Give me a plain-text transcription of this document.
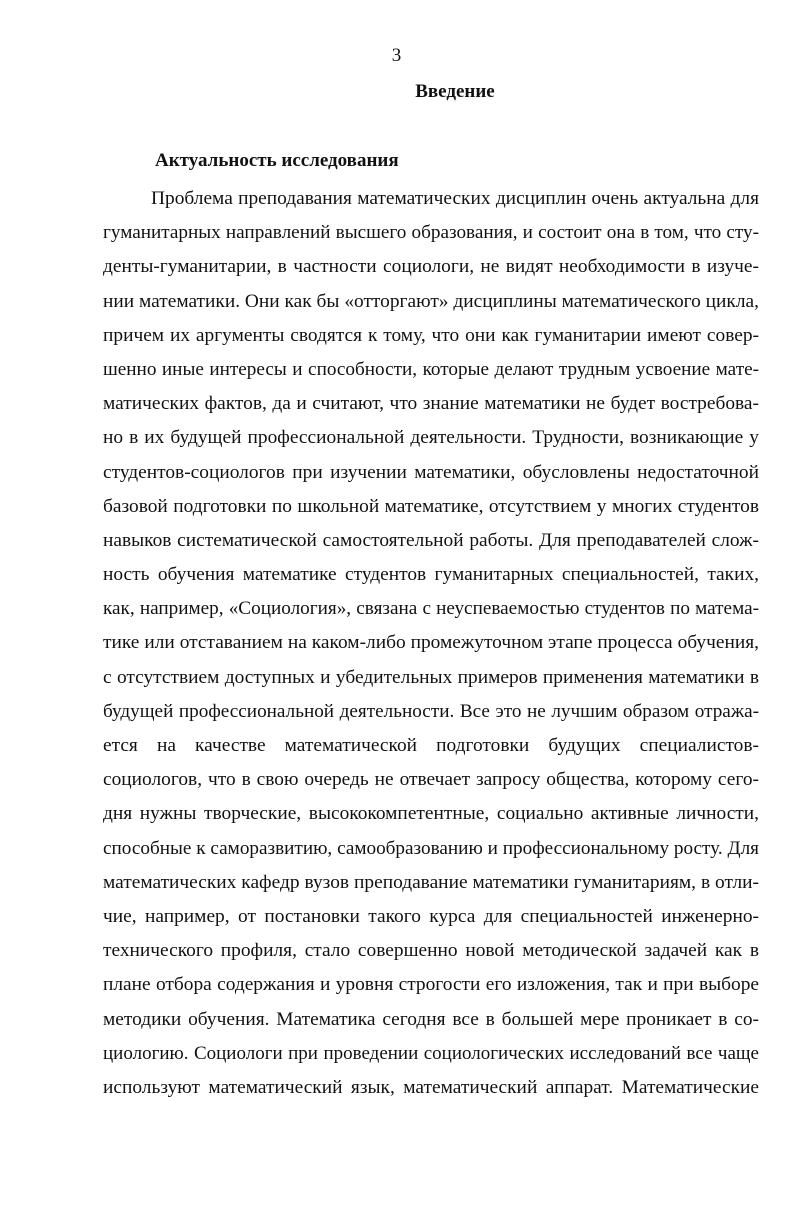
3
Введение
Актуальность исследования
Проблема преподавания математических дисциплин очень актуальна для
гуманитарных направлений высшего образования, и состоит она в том, что сту-
денты-гуманитарии, в частности социологи, не видят необходимости в изуче-
нии математики. Они как бы «отторгают» дисциплины математического цикла,
причем их аргументы сводятся к тому, что они как гуманитарии имеют совер-
шенно иные интересы и способности, которые делают трудным усвоение мате-
матических фактов, да и считают, что знание математики не будет востребова-
но в их будущей профессиональной деятельности. Трудности, возникающие у
студентов-социологов при изучении математики, обусловлены недостаточной
базовой подготовки по школьной математике, отсутствием у многих студентов
навыков систематической самостоятельной работы. Для преподавателей слож-
ность обучения математике студентов гуманитарных специальностей, таких,
как, например, «Социология», связана с неуспеваемостью студентов по матема-
тике или отставанием на каком-либо промежуточном этапе процесса обучения,
с отсутствием доступных и убедительных примеров применения математики в
будущей профессиональной деятельности. Все это не лучшим образом отража-
ется на качестве математической подготовки будущих специалистов-
социологов, что в свою очередь не отвечает запросу общества, которому сего-
дня нужны творческие, высококомпетентные, социально активные личности,
способные к саморазвитию, самообразованию и профессиональному росту. Для
математических кафедр вузов преподавание математики гуманитариям, в отли-
чие, например, от постановки такого курса для специальностей инженерно-
технического профиля, стало совершенно новой методической задачей как в
плане отбора содержания и уровня строгости его изложения, так и при выборе
методики обучения. Математика сегодня все в большей мере проникает в со-
циологию. Социологи при проведении социологических исследований все чаще
используют математический язык, математический аппарат. Математические
